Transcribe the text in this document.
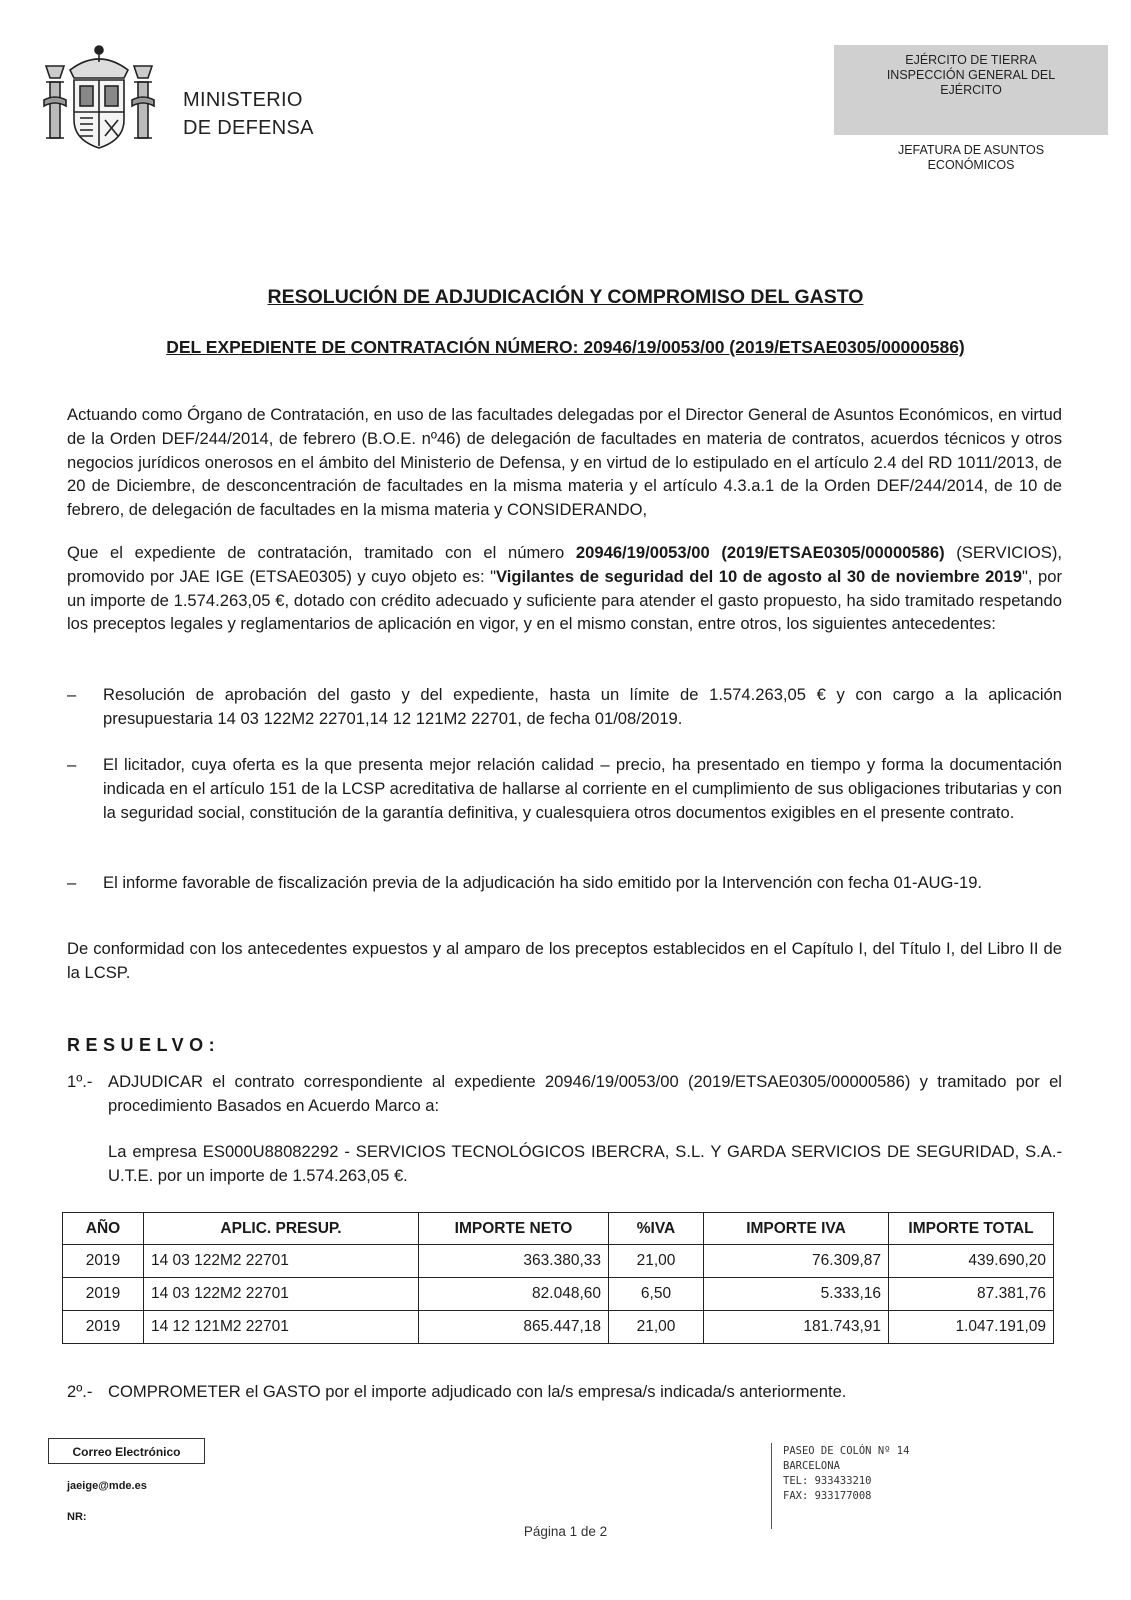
MINISTERIO
DE DEFENSA
EJÉRCITO DE TIERRA
INSPECCIÓN GENERAL DEL
EJÉRCITO
JEFATURA DE ASUNTOS
ECONÓMICOS
RESOLUCIÓN DE ADJUDICACIÓN Y COMPROMISO DEL GASTO
DEL EXPEDIENTE DE CONTRATACIÓN NÚMERO: 20946/19/0053/00 (2019/ETSAE0305/00000586)
Actuando como Órgano de Contratación, en uso de las facultades delegadas por el Director General de Asuntos Económicos, en virtud de la Orden DEF/244/2014, de febrero (B.O.E. nº46) de delegación de facultades en materia de contratos, acuerdos técnicos y otros negocios jurídicos onerosos en el ámbito del Ministerio de Defensa, y en virtud de lo estipulado en el artículo 2.4 del RD 1011/2013, de 20 de Diciembre, de desconcentración de facultades en la misma materia y el artículo 4.3.a.1 de la Orden DEF/244/2014, de 10 de febrero, de delegación de facultades en la misma materia y CONSIDERANDO,
Que el expediente de contratación, tramitado con el número 20946/19/0053/00 (2019/ETSAE0305/00000586) (SERVICIOS), promovido por JAE IGE (ETSAE0305) y cuyo objeto es: "Vigilantes de seguridad del 10 de agosto al 30 de noviembre 2019", por un importe de 1.574.263,05 €, dotado con crédito adecuado y suficiente para atender el gasto propuesto, ha sido tramitado respetando los preceptos legales y reglamentarios de aplicación en vigor, y en el mismo constan, entre otros, los siguientes antecedentes:
– Resolución de aprobación del gasto y del expediente, hasta un límite de 1.574.263,05 € y con cargo a la aplicación presupuestaria 14 03 122M2 22701,14 12 121M2 22701, de fecha 01/08/2019.
– El licitador, cuya oferta es la que presenta mejor relación calidad – precio, ha presentado en tiempo y forma la documentación indicada en el artículo 151 de la LCSP acreditativa de hallarse al corriente en el cumplimiento de sus obligaciones tributarias y con la seguridad social, constitución de la garantía definitiva, y cualesquiera otros documentos exigibles en el presente contrato.
– El informe favorable de fiscalización previa de la adjudicación ha sido emitido por la Intervención con fecha 01-AUG-19.
De conformidad con los antecedentes expuestos y al amparo de los preceptos establecidos en el Capítulo I, del Título I, del Libro II de la LCSP.
RESUELVO:
1º.- ADJUDICAR el contrato correspondiente al expediente 20946/19/0053/00 (2019/ETSAE0305/00000586) y tramitado por el procedimiento Basados en Acuerdo Marco a:
La empresa ES000U88082292 - SERVICIOS TECNOLÓGICOS IBERCRA, S.L. Y GARDA SERVICIOS DE SEGURIDAD, S.A.- U.T.E. por un importe de 1.574.263,05 €.
AÑO	APLIC. PRESUP.	IMPORTE NETO	%IVA	IMPORTE IVA	IMPORTE TOTAL
2019	14 03 122M2 22701	363.380,33	21,00	76.309,87	439.690,20
2019	14 03 122M2 22701	82.048,60	6,50	5.333,16	87.381,76
2019	14 12 121M2 22701	865.447,18	21,00	181.743,91	1.047.191,09
2º.- COMPROMETER el GASTO por el importe adjudicado con la/s empresa/s indicada/s anteriormente.
Correo Electrónico
jaeige@mde.es
NR:
PASEO DE COLÓN Nº 14
BARCELONA
TEL: 933433210
FAX: 933177008
Página 1 de 2
